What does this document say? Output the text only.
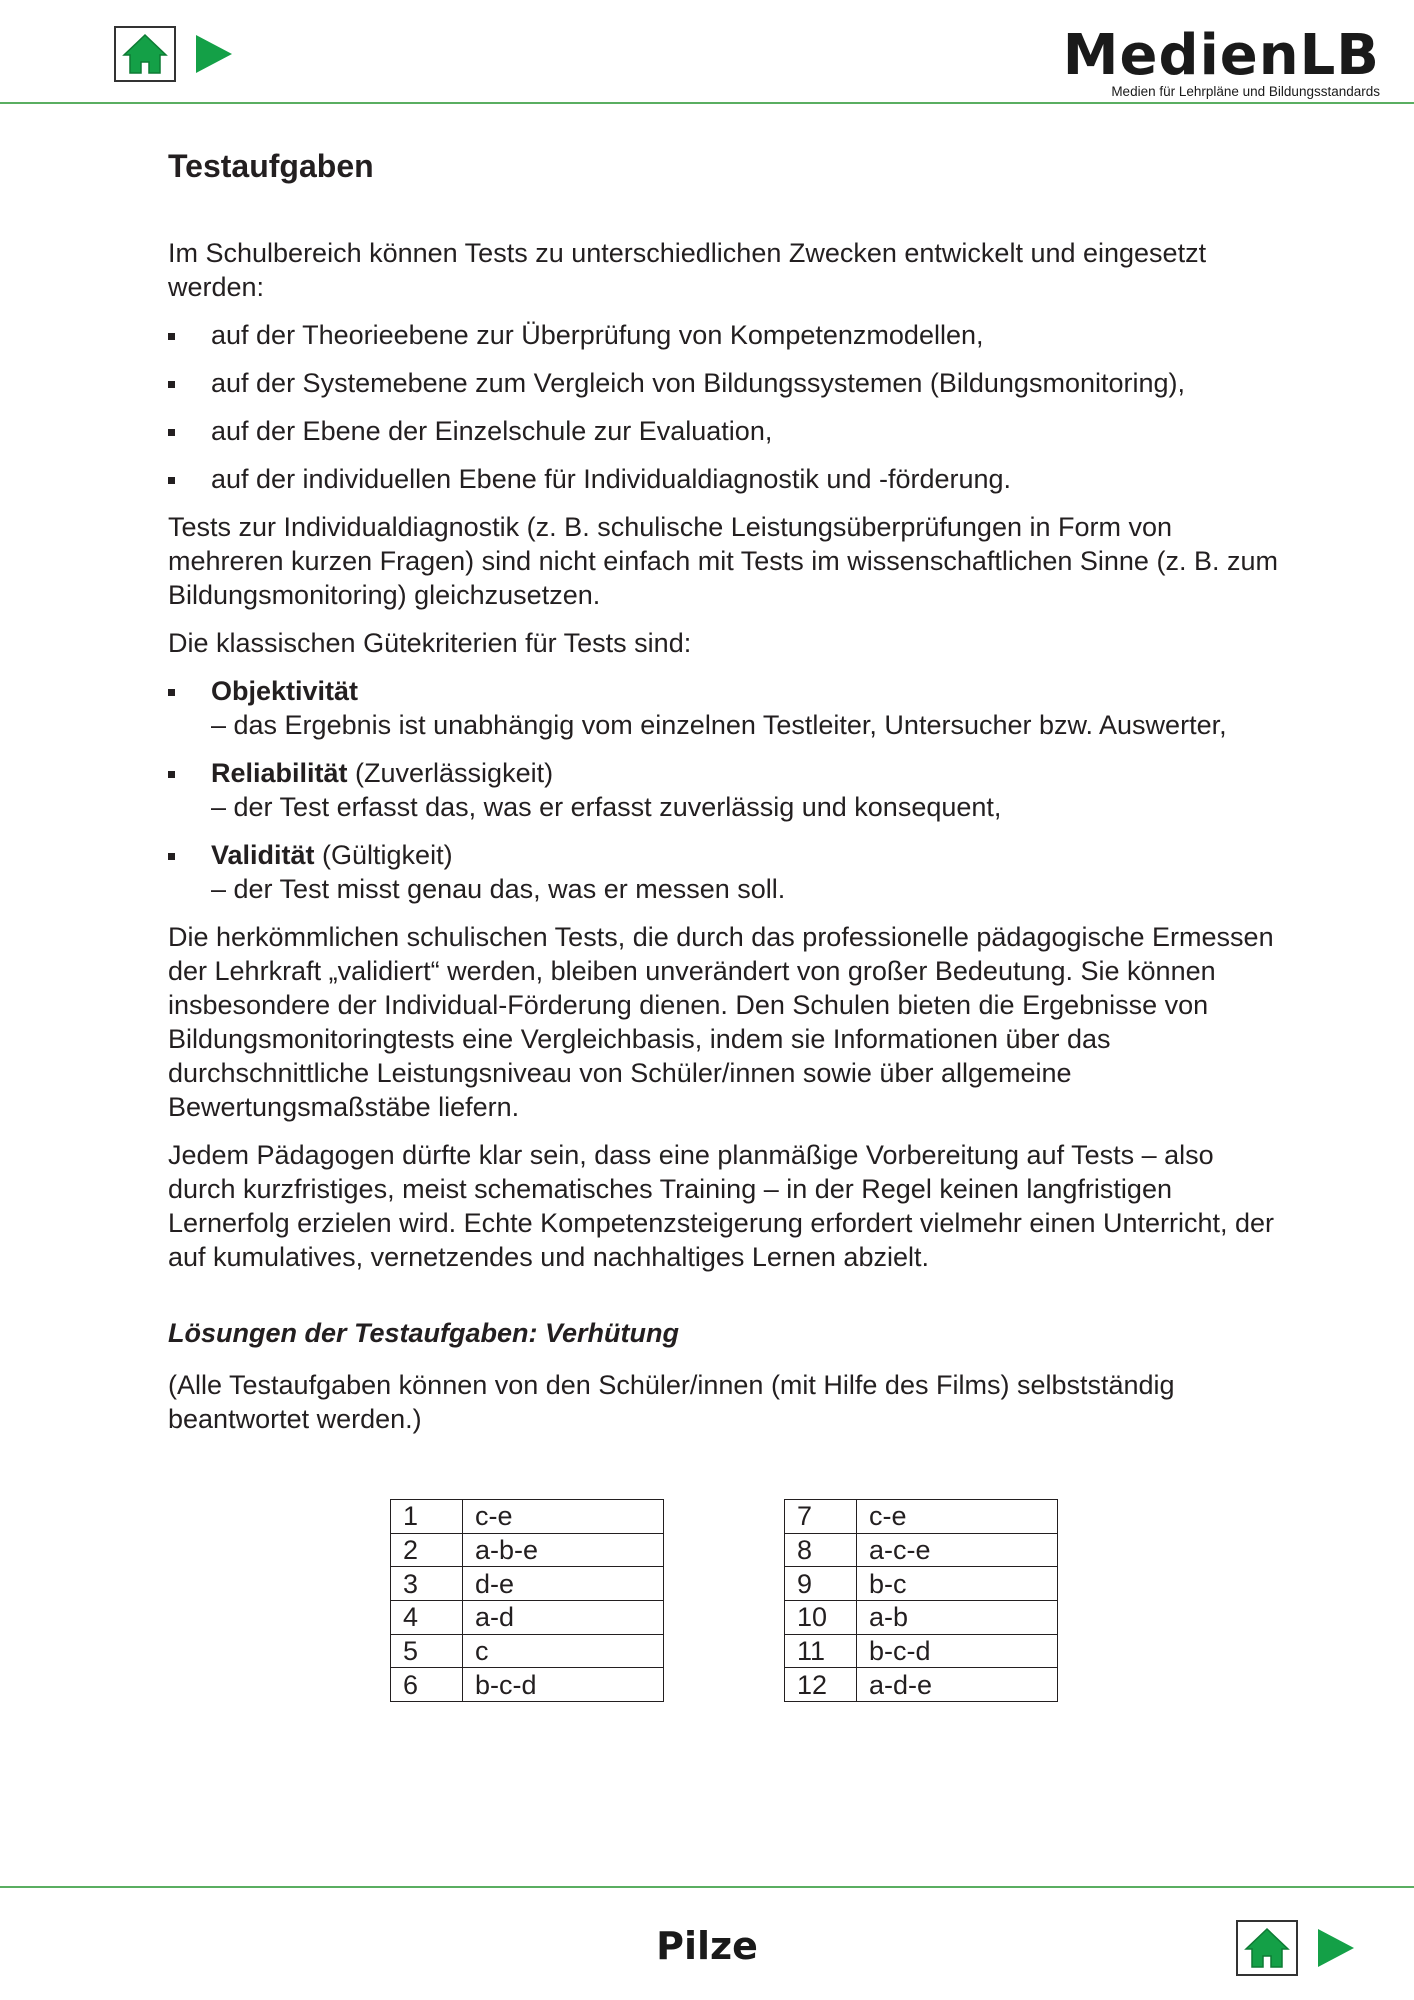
MedienLB
Medien für Lehrpläne und Bildungsstandards
Testaufgaben

Im Schulbereich können Tests zu unterschiedlichen Zwecken entwickelt und eingesetzt werden:

auf der Theorieebene zur Überprüfung von Kompetenzmodellen,
auf der Systemebene zum Vergleich von Bildungssystemen (Bildungsmonitoring),
auf der Ebene der Einzelschule zur Evaluation,
auf der individuellen Ebene für Individualdiagnostik und -förderung.

Tests zur Individualdiagnostik (z. B. schulische Leistungsüberprüfungen in Form von mehreren kurzen Fragen) sind nicht einfach mit Tests im wissenschaftlichen Sinne (z. B. zum Bildungsmonitoring) gleichzusetzen.

Die klassischen Gütekriterien für Tests sind:

Objektivität
– das Ergebnis ist unabhängig vom einzelnen Testleiter, Untersucher bzw. Auswerter,
Reliabilität (Zuverlässigkeit)
– der Test erfasst das, was er erfasst zuverlässig und konsequent,
Validität (Gültigkeit)
– der Test misst genau das, was er messen soll.

Die herkömmlichen schulischen Tests, die durch das professionelle pädagogische Ermessen der Lehrkraft „validiert“ werden, bleiben unverändert von großer Bedeutung. Sie können insbesondere der Individual-Förderung dienen. Den Schulen bieten die Ergebnisse von Bildungsmonitoringtests eine Vergleichbasis, indem sie Informationen über das durchschnittliche Leistungsniveau von Schüler/innen sowie über allgemeine Bewertungsmaßstäbe liefern.

Jedem Pädagogen dürfte klar sein, dass eine planmäßige Vorbereitung auf Tests – also durch kurzfristiges, meist schematisches Training – in der Regel keinen langfristigen Lernerfolg erzielen wird. Echte Kompetenzsteigerung erfordert vielmehr einen Unterricht, der auf kumulatives, vernetzendes und nachhaltiges Lernen abzielt.

Lösungen der Testaufgaben: Verhütung

(Alle Testaufgaben können von den Schüler/innen (mit Hilfe des Films) selbstständig beantwortet werden.)

1	c-e
2	a-b-e
3	d-e
4	a-d
5	c
6	b-c-d
7	c-e
8	a-c-e
9	b-c
10	a-b
11	b-c-d
12	a-d-e
Pilze
